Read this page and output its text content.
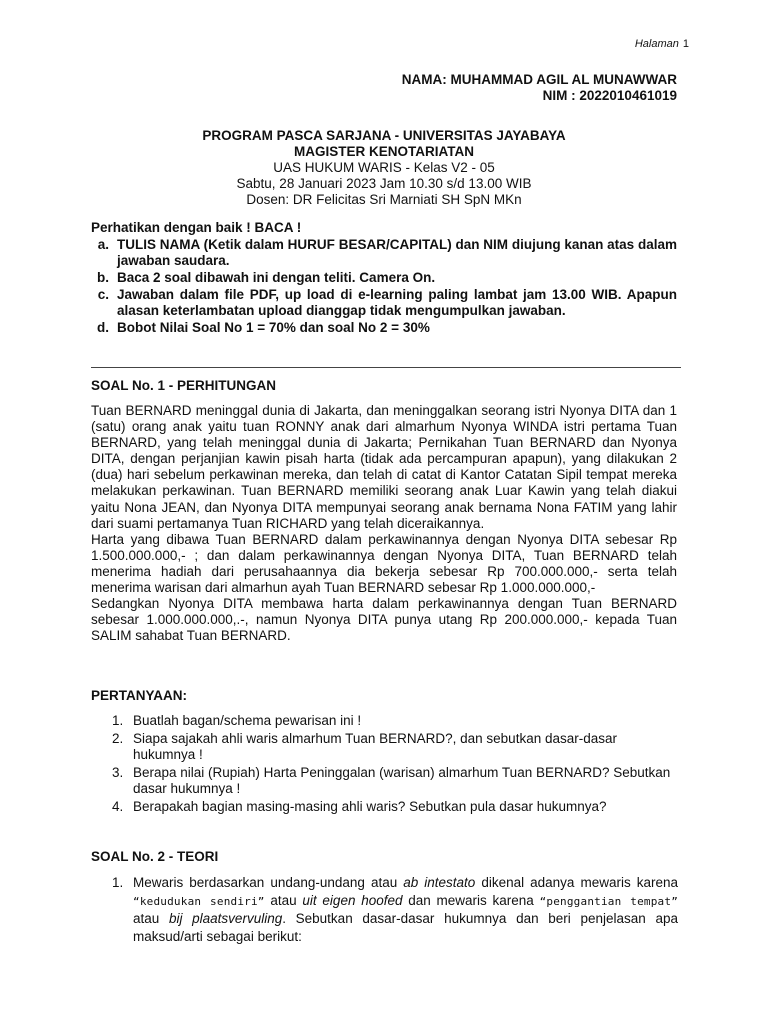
Halaman 1
NAMA: MUHAMMAD AGIL AL MUNAWWAR
NIM : 2022010461019
PROGRAM PASCA SARJANA - UNIVERSITAS JAYABAYA
MAGISTER KENOTARIATAN
UAS HUKUM WARIS - Kelas V2 - 05
Sabtu, 28 Januari 2023 Jam 10.30 s/d 13.00 WIB
Dosen: DR Felicitas Sri Marniati SH SpN MKn
Perhatikan dengan baik ! BACA !
a. TULIS NAMA (Ketik dalam HURUF BESAR/CAPITAL) dan NIM diujung kanan atas dalam jawaban saudara.
b. Baca 2 soal dibawah ini dengan teliti. Camera On.
c. Jawaban dalam file PDF, up load di e-learning paling lambat jam 13.00 WIB. Apapun alasan keterlambatan upload dianggap tidak mengumpulkan jawaban.
d. Bobot Nilai Soal No 1 = 70% dan soal No 2 = 30%
SOAL No. 1 - PERHITUNGAN

Tuan BERNARD meninggal dunia di Jakarta, dan meninggalkan seorang istri Nyonya DITA dan 1 (satu) orang anak yaitu tuan RONNY anak dari almarhum Nyonya WINDA istri pertama Tuan BERNARD, yang telah meninggal dunia di Jakarta; Pernikahan Tuan BERNARD dan Nyonya DITA, dengan perjanjian kawin pisah harta (tidak ada percampuran apapun), yang dilakukan 2 (dua) hari sebelum perkawinan mereka, dan telah di catat di Kantor Catatan Sipil tempat mereka melakukan perkawinan. Tuan BERNARD memiliki seorang anak Luar Kawin yang telah diakui yaitu Nona JEAN, dan Nyonya DITA mempunyai seorang anak bernama Nona FATIM yang lahir dari suami pertamanya Tuan RICHARD yang telah diceraikannya.

Harta yang dibawa Tuan BERNARD dalam perkawinannya dengan Nyonya DITA sebesar Rp 1.500.000.000,- ; dan dalam perkawinannya dengan Nyonya DITA, Tuan BERNARD telah menerima hadiah dari perusahaannya dia bekerja sebesar Rp 700.000.000,- serta telah menerima warisan dari almarhun ayah Tuan BERNARD sebesar Rp 1.000.000.000,-

Sedangkan Nyonya DITA membawa harta dalam perkawinannya dengan Tuan BERNARD sebesar 1.000.000.000,.-, namun Nyonya DITA punya utang Rp 200.000.000,- kepada Tuan SALIM sahabat Tuan BERNARD.

PERTANYAAN:
1. Buatlah bagan/schema pewarisan ini !
2. Siapa sajakah ahli waris almarhum Tuan BERNARD?, dan sebutkan dasar-dasar hukumnya !
3. Berapa nilai (Rupiah) Harta Peninggalan (warisan) almarhum Tuan BERNARD? Sebutkan dasar hukumnya !
4. Berapakah bagian masing-masing ahli waris? Sebutkan pula dasar hukumnya?
SOAL No. 2 - TEORI
1. Mewaris berdasarkan undang-undang atau ab intestato dikenal adanya mewaris karena “kedudukan sendiri” atau uit eigen hoofed dan mewaris karena “penggantian tempat” atau bij plaatsvervuling. Sebutkan dasar-dasar hukumnya dan beri penjelasan apa maksud/arti sebagai berikut:
